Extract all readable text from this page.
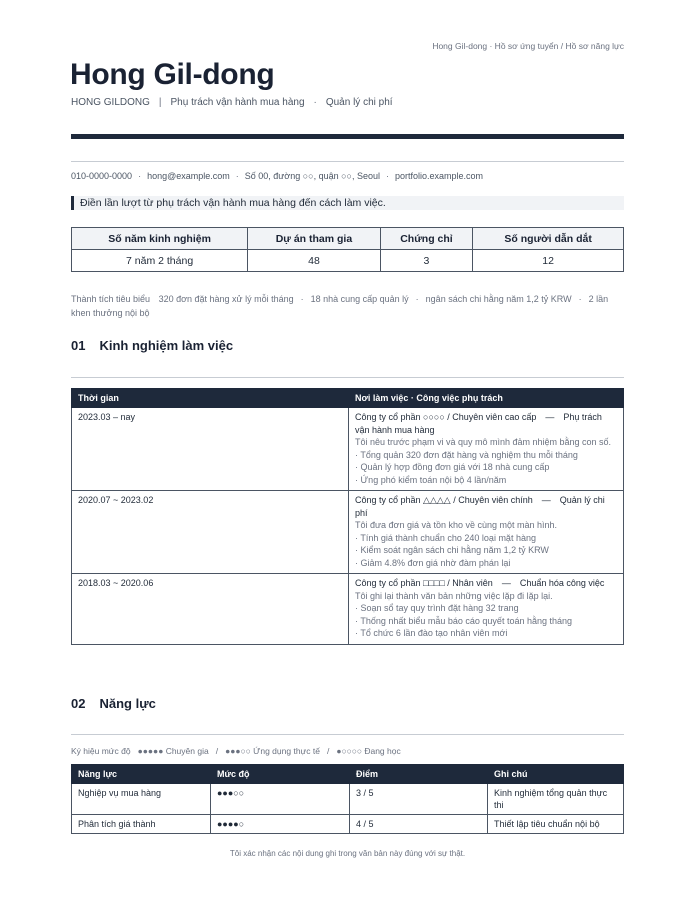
Hong Gil-dong · Hồ sơ ứng tuyển / Hồ sơ năng lực
Hong Gil-dong
HONG GILDONG | Phụ trách vận hành mua hàng · Quản lý chi phí
010-0000-0000 · hong@example.com · Số 00, đường ○○, quận ○○, Seoul · portfolio.example.com
Điền lần lượt từ phụ trách vận hành mua hàng đến cách làm việc.
Số năm kinh nghiệm	Dự án tham gia	Chứng chỉ	Số người dẫn dắt
7 năm 2 tháng	48	3	12
Thành tích tiêu biểu 320 đơn đặt hàng xử lý mỗi tháng · 18 nhà cung cấp quản lý · ngân sách chi hằng năm 1,2 tỷ KRW · 2 lần khen thưởng nội bộ
01 Kinh nghiệm làm việc
Thời gian	Nơi làm việc · Công việc phụ trách
2023.03 – nay	Công ty cổ phần ○○○○ / Chuyên viên cao cấp — Phụ trách vận hành mua hàng
Tôi nêu trước phạm vi và quy mô mình đảm nhiệm bằng con số.
· Tổng quản 320 đơn đặt hàng và nghiệm thu mỗi tháng
· Quản lý hợp đồng đơn giá với 18 nhà cung cấp
· Ứng phó kiểm toán nội bộ 4 lần/năm

2020.07 ~ 2023.02	Công ty cổ phần △△△△ / Chuyên viên chính — Quản lý chi phí
Tôi đưa đơn giá và tồn kho về cùng một màn hình.
· Tính giá thành chuẩn cho 240 loại mặt hàng
· Kiểm soát ngân sách chi hằng năm 1,2 tỷ KRW
· Giảm 4.8% đơn giá nhờ đàm phán lại

2018.03 ~ 2020.06	Công ty cổ phần □□□□ / Nhân viên — Chuẩn hóa công việc
Tôi ghi lại thành văn bản những việc lặp đi lặp lại.
· Soạn sổ tay quy trình đặt hàng 32 trang
· Thống nhất biểu mẫu báo cáo quyết toán hằng tháng
· Tổ chức 6 lần đào tạo nhân viên mới
02 Năng lực
Ký hiệu mức độ ●●●●● Chuyên gia / ●●●○○ Ứng dụng thực tế / ●○○○○ Đang học
Năng lực	Mức độ	Điểm	Ghi chú
Nghiệp vụ mua hàng	●●●○○	3 / 5	Kinh nghiệm tổng quản thực thi
Phân tích giá thành	●●●●○	4 / 5	Thiết lập tiêu chuẩn nội bộ
Tôi xác nhận các nội dung ghi trong văn bản này đúng với sự thật.
